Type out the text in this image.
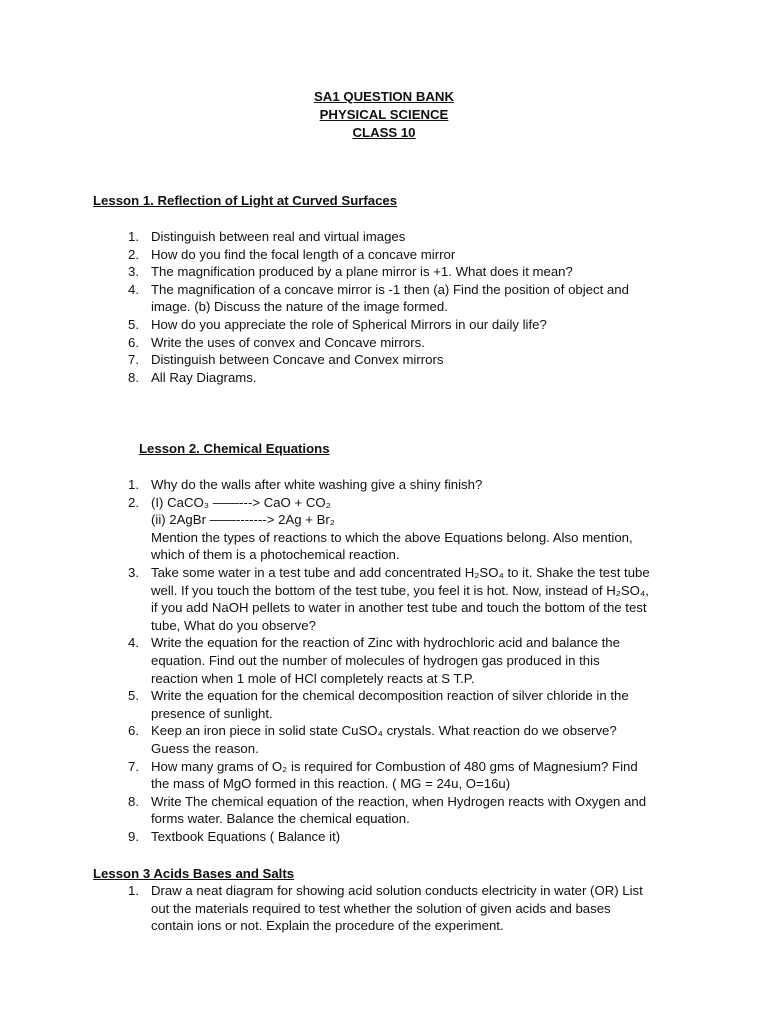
SA1 QUESTION BANK
PHYSICAL SCIENCE
CLASS 10
Lesson 1. Reflection of Light at Curved Surfaces
1. Distinguish between real and virtual images
2. How do you find the focal length of a concave mirror
3. The magnification produced by a plane mirror is +1. What does it mean?
4. The magnification of a concave mirror is -1 then (a) Find the position of object and
image. (b) Discuss the nature of the image formed.
5. How do you appreciate the role of Spherical Mirrors in our daily life?
6. Write the uses of convex and Concave mirrors.
7. Distinguish between Concave and Convex mirrors
8. All Ray Diagrams.
Lesson 2. Chemical Equations
1. Why do the walls after white washing give a shiny finish?
2. (I) CaCO₃ ——---> CaO + CO₂
(ii) 2AgBr ——-------> 2Ag + Br₂
Mention the types of reactions to which the above Equations belong. Also mention,
which of them is a photochemical reaction.
3. Take some water in a test tube and add concentrated H₂SO₄ to it. Shake the test tube
well. If you touch the bottom of the test tube, you feel it is hot. Now, instead of H₂SO₄,
if you add NaOH pellets to water in another test tube and touch the bottom of the test
tube, What do you observe?
4. Write the equation for the reaction of Zinc with hydrochloric acid and balance the
equation. Find out the number of molecules of hydrogen gas produced in this
reaction when 1 mole of HCl completely reacts at S T.P.
5. Write the equation for the chemical decomposition reaction of silver chloride in the
presence of sunlight.
6. Keep an iron piece in solid state CuSO₄ crystals. What reaction do we observe?
Guess the reason.
7. How many grams of O₂ is required for Combustion of 480 gms of Magnesium? Find
the mass of MgO formed in this reaction. ( MG = 24u, O=16u)
8. Write The chemical equation of the reaction, when Hydrogen reacts with Oxygen and
forms water. Balance the chemical equation.
9. Textbook Equations ( Balance it)
Lesson 3 Acids Bases and Salts
1. Draw a neat diagram for showing acid solution conducts electricity in water (OR) List
out the materials required to test whether the solution of given acids and bases
contain ions or not. Explain the procedure of the experiment.
